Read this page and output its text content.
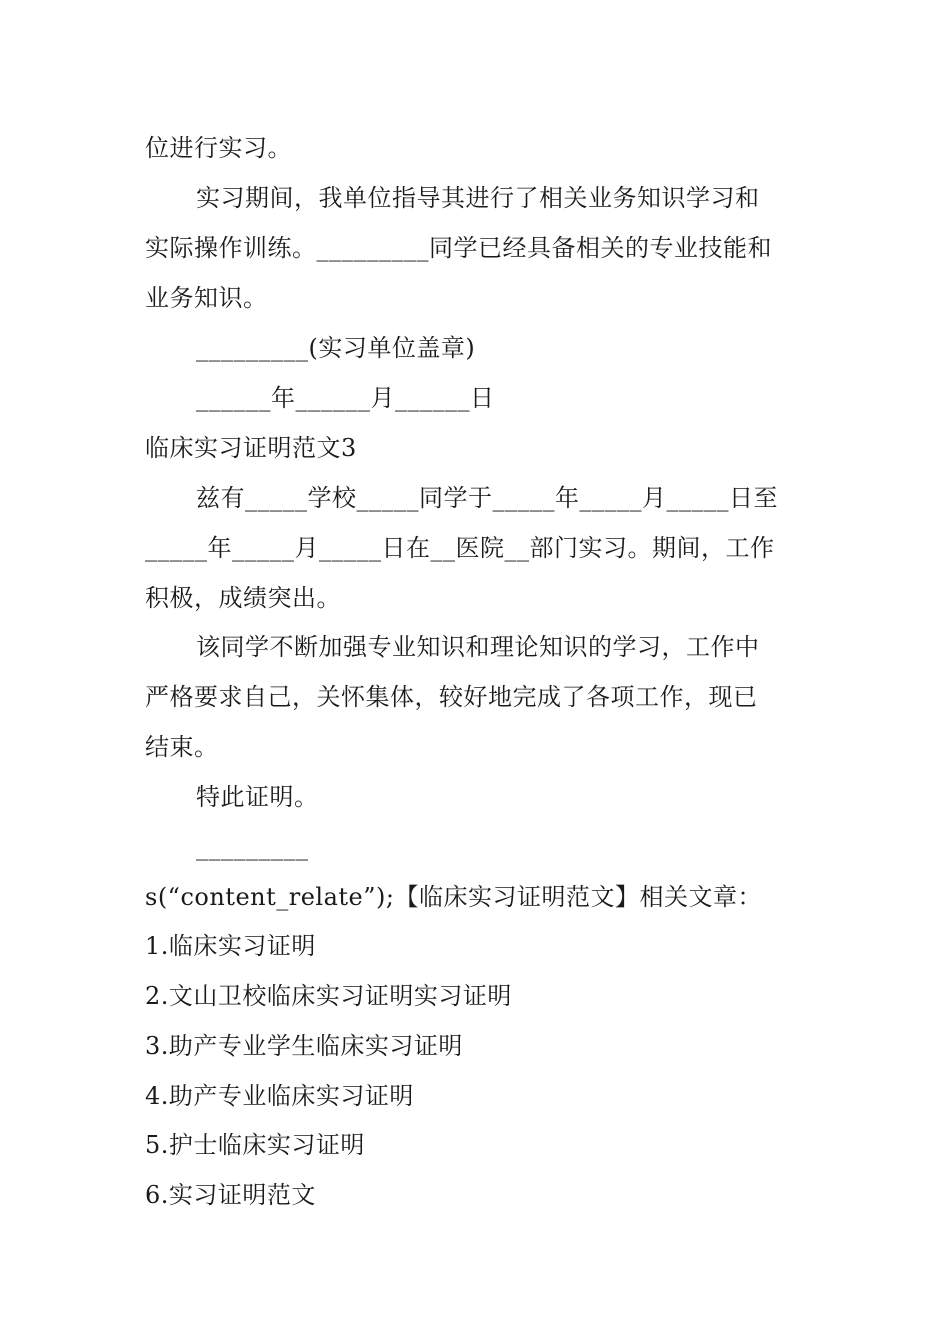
位进行实习。
实习期间，我单位指导其进行了相关业务知识学习和
实际操作训练。_________同学已经具备相关的专业技能和
业务知识。
_________(实习单位盖章)
______年______月______日
临床实习证明范文3
兹有_____学校_____同学于_____年_____月_____日至
_____年_____月_____日在__医院__部门实习。期间，工作
积极，成绩突出。
该同学不断加强专业知识和理论知识的学习，工作中
严格要求自己，关怀集体，较好地完成了各项工作，现已
结束。
特此证明。
_________
s(“content_relate”);【临床实习证明范文】相关文章：
1.临床实习证明
2.文山卫校临床实习证明实习证明
3.助产专业学生临床实习证明
4.助产专业临床实习证明
5.护士临床实习证明
6.实习证明范文
